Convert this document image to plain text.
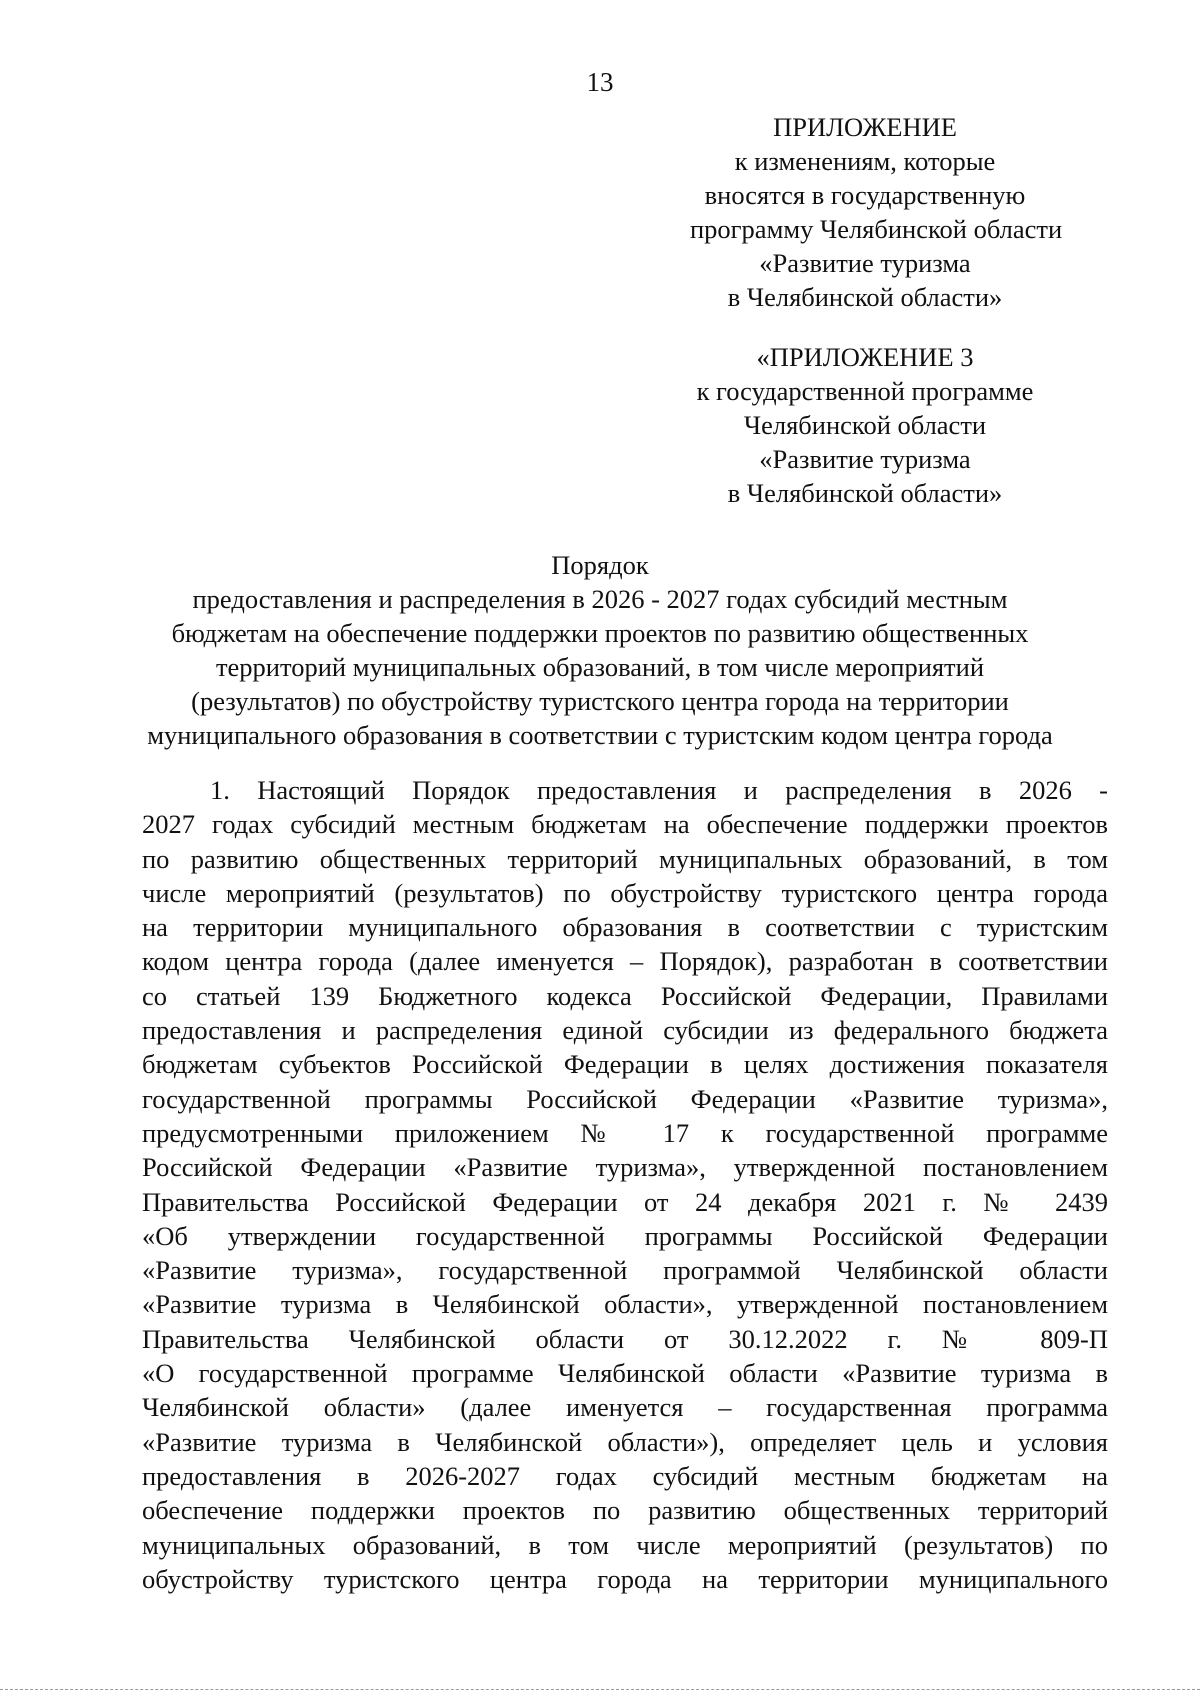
13
ПРИЛОЖЕНИЕ
к изменениям, которые
вносятся в государственную
программу Челябинской области
«Развитие туризма
в Челябинской области»
«ПРИЛОЖЕНИЕ 3
к государственной программе
Челябинской области
«Развитие туризма
в Челябинской области»
Порядок
предоставления и распределения в 2026 - 2027 годах субсидий местным
бюджетам на обеспечение поддержки проектов по развитию общественных
территорий муниципальных образований, в том числе мероприятий
(результатов) по обустройству туристского центра города на территории
муниципального образования в соответствии с туристским кодом центра города
1. Настоящий Порядок предоставления и распределения в 2026 -
2027 годах субсидий местным бюджетам на обеспечение поддержки проектов
по развитию общественных территорий муниципальных образований, в том
числе мероприятий (результатов) по обустройству туристского центра города
на территории муниципального образования в соответствии с туристским
кодом центра города (далее именуется – Порядок), разработан в соответствии
со статьей 139 Бюджетного кодекса Российской Федерации, Правилами
предоставления и распределения единой субсидии из федерального бюджета
бюджетам субъектов Российской Федерации в целях достижения показателя
государственной программы Российской Федерации «Развитие туризма»,
предусмотренными приложением № 17 к государственной программе
Российской Федерации «Развитие туризма», утвержденной постановлением
Правительства Российской Федерации от 24 декабря 2021 г. № 2439
«Об утверждении государственной программы Российской Федерации
«Развитие туризма», государственной программой Челябинской области
«Развитие туризма в Челябинской области», утвержденной постановлением
Правительства Челябинской области от 30.12.2022 г. № 809-П
«О государственной программе Челябинской области «Развитие туризма в
Челябинской области» (далее именуется – государственная программа
«Развитие туризма в Челябинской области»), определяет цель и условия
предоставления в 2026-2027 годах субсидий местным бюджетам на
обеспечение поддержки проектов по развитию общественных территорий
муниципальных образований, в том числе мероприятий (результатов) по
обустройству туристского центра города на территории муниципального
